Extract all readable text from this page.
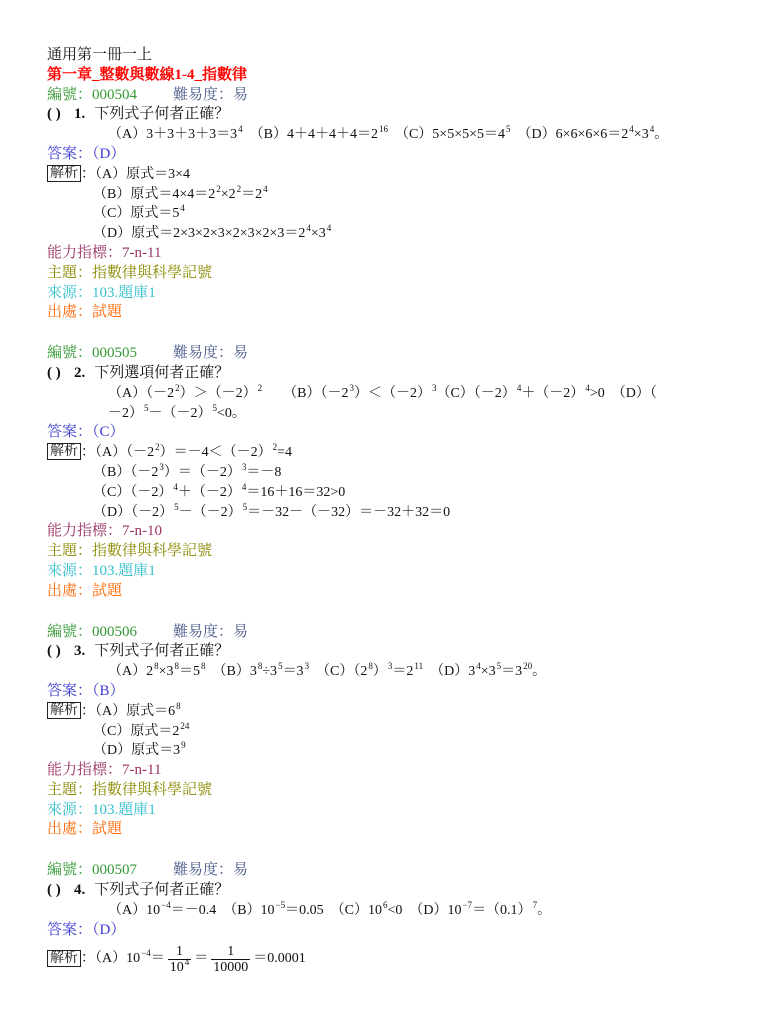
通用第一冊一上
第一章_整數與數線1-4_指數律
編號：000504 難易度：易
( ) 1. 下列式子何者正確？
$(A)3+3+3+3=3^4$　$(B)4+4+4+4=2^{16}$　$(C)5\times 5\times 5\times 5=4^5$　$(D)6\times 6\times 6\times 6=2^4\times 3^4$。
答案：（D）
解析 ：（A）原式＝3×4
（B）原式$=4\times 4=2^2\times 2^2=2^4$
（C）原式$=5^4$
（D）原式$=2\times 3\times 2\times 3\times 2\times 3\times 2\times 3=2^4\times 3^4$
能力指標：7-n-11
主題：指數律與科學記號
來源：103.題庫1
出處：試題
編號：000505 難易度：易
( ) 2. 下列選項何者正確？
$(A)(-2^2)>(-2)^2$　　$(B)(-2^3)<(-2)^3(C)(-2)^4+(-2)^4>0$　（D）（
$-2)^5-(-2)^5<0$。
答案：（C）
解析 ：$(A)(-2^2)=-4<(-2)^2=4$
$(B)(-2^3)=(-2)^3=-8$
$(C)(-2)^4+(-2)^4=16+16=32>0$
$(D)(-2)^5-(-2)^5=-32-(-32)=-32+32=0$
能力指標：7-n-10
主題：指數律與科學記號
來源：103.題庫1
出處：試題
編號：000506 難易度：易
( ) 3. 下列式子何者正確？
$(A)2^8\times 3^8=5^8$　$(B)3^8\div 3^5=3^3$　$(C)(2^8)^3=2^{11}$　$(D)3^4\times 3^5=3^{20}$。
答案：（B）
解析 ：（A）原式$=6^8$
（C）原式$=2^{24}$
（D）原式$=3^9$
能力指標：7-n-11
主題：指數律與科學記號
來源：103.題庫1
出處：試題
編號：000507 難易度：易
( ) 4. 下列式子何者正確？
$(A)10^{-4}=-0.4$　$(B)10^{-5}=0.05$　$(C)10^6<0$　$(D)10^{-7}=(0.1)^7$。
答案：（D）
解析 ：$(A)10^{-4}= \frac{1}{10^4} = \frac{1}{10000} =0.0001$
